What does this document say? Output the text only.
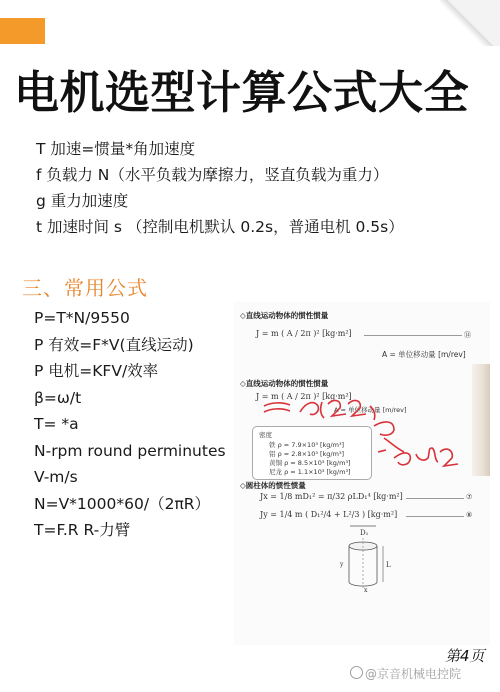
电机选型计算公式大全
T 加速=惯量*角加速度
f 负载力 N（水平负载为摩擦力，竖直负载为重力）
g 重力加速度
t 加速时间 s （控制电机默认 0.2s，普通电机 0.5s）
三、常用公式
P=T*N/9550
P 有效=F*V(直线运动)
P 电机=KFV/效率
β=ω/t
T= *a
N-rpm round perminutes
V-m/s
N=V*1000*60/（2πR）
T=F.R R-力臂
◇直线运动物体的惯性惯量
J = m ( A / 2π )² [kg·m²]	⑭
A = 单位移动量 [m/rev]
◇直线运动物体的惯性惯量
J = m ( A / 2π )² [kg·m²]
A = 单位移动量 [m/rev]
密度
铁 ρ = 7.9×10³ [kg/m³]
铝 ρ = 2.8×10³ [kg/m³]
黄铜 ρ = 8.5×10³ [kg/m³]
尼龙 ρ = 1.1×10³ [kg/m³]
◇圆柱体的惯性惯量
Jx = 1/8 mD₁² = π/32 ρLD₁⁴ [kg·m²]	⑦
Jy = 1/4 m ( D₁²/4 + L²/3 ) [kg·m²]	⑧
D₁
L
y
x
第4页
@京音机械电控院
